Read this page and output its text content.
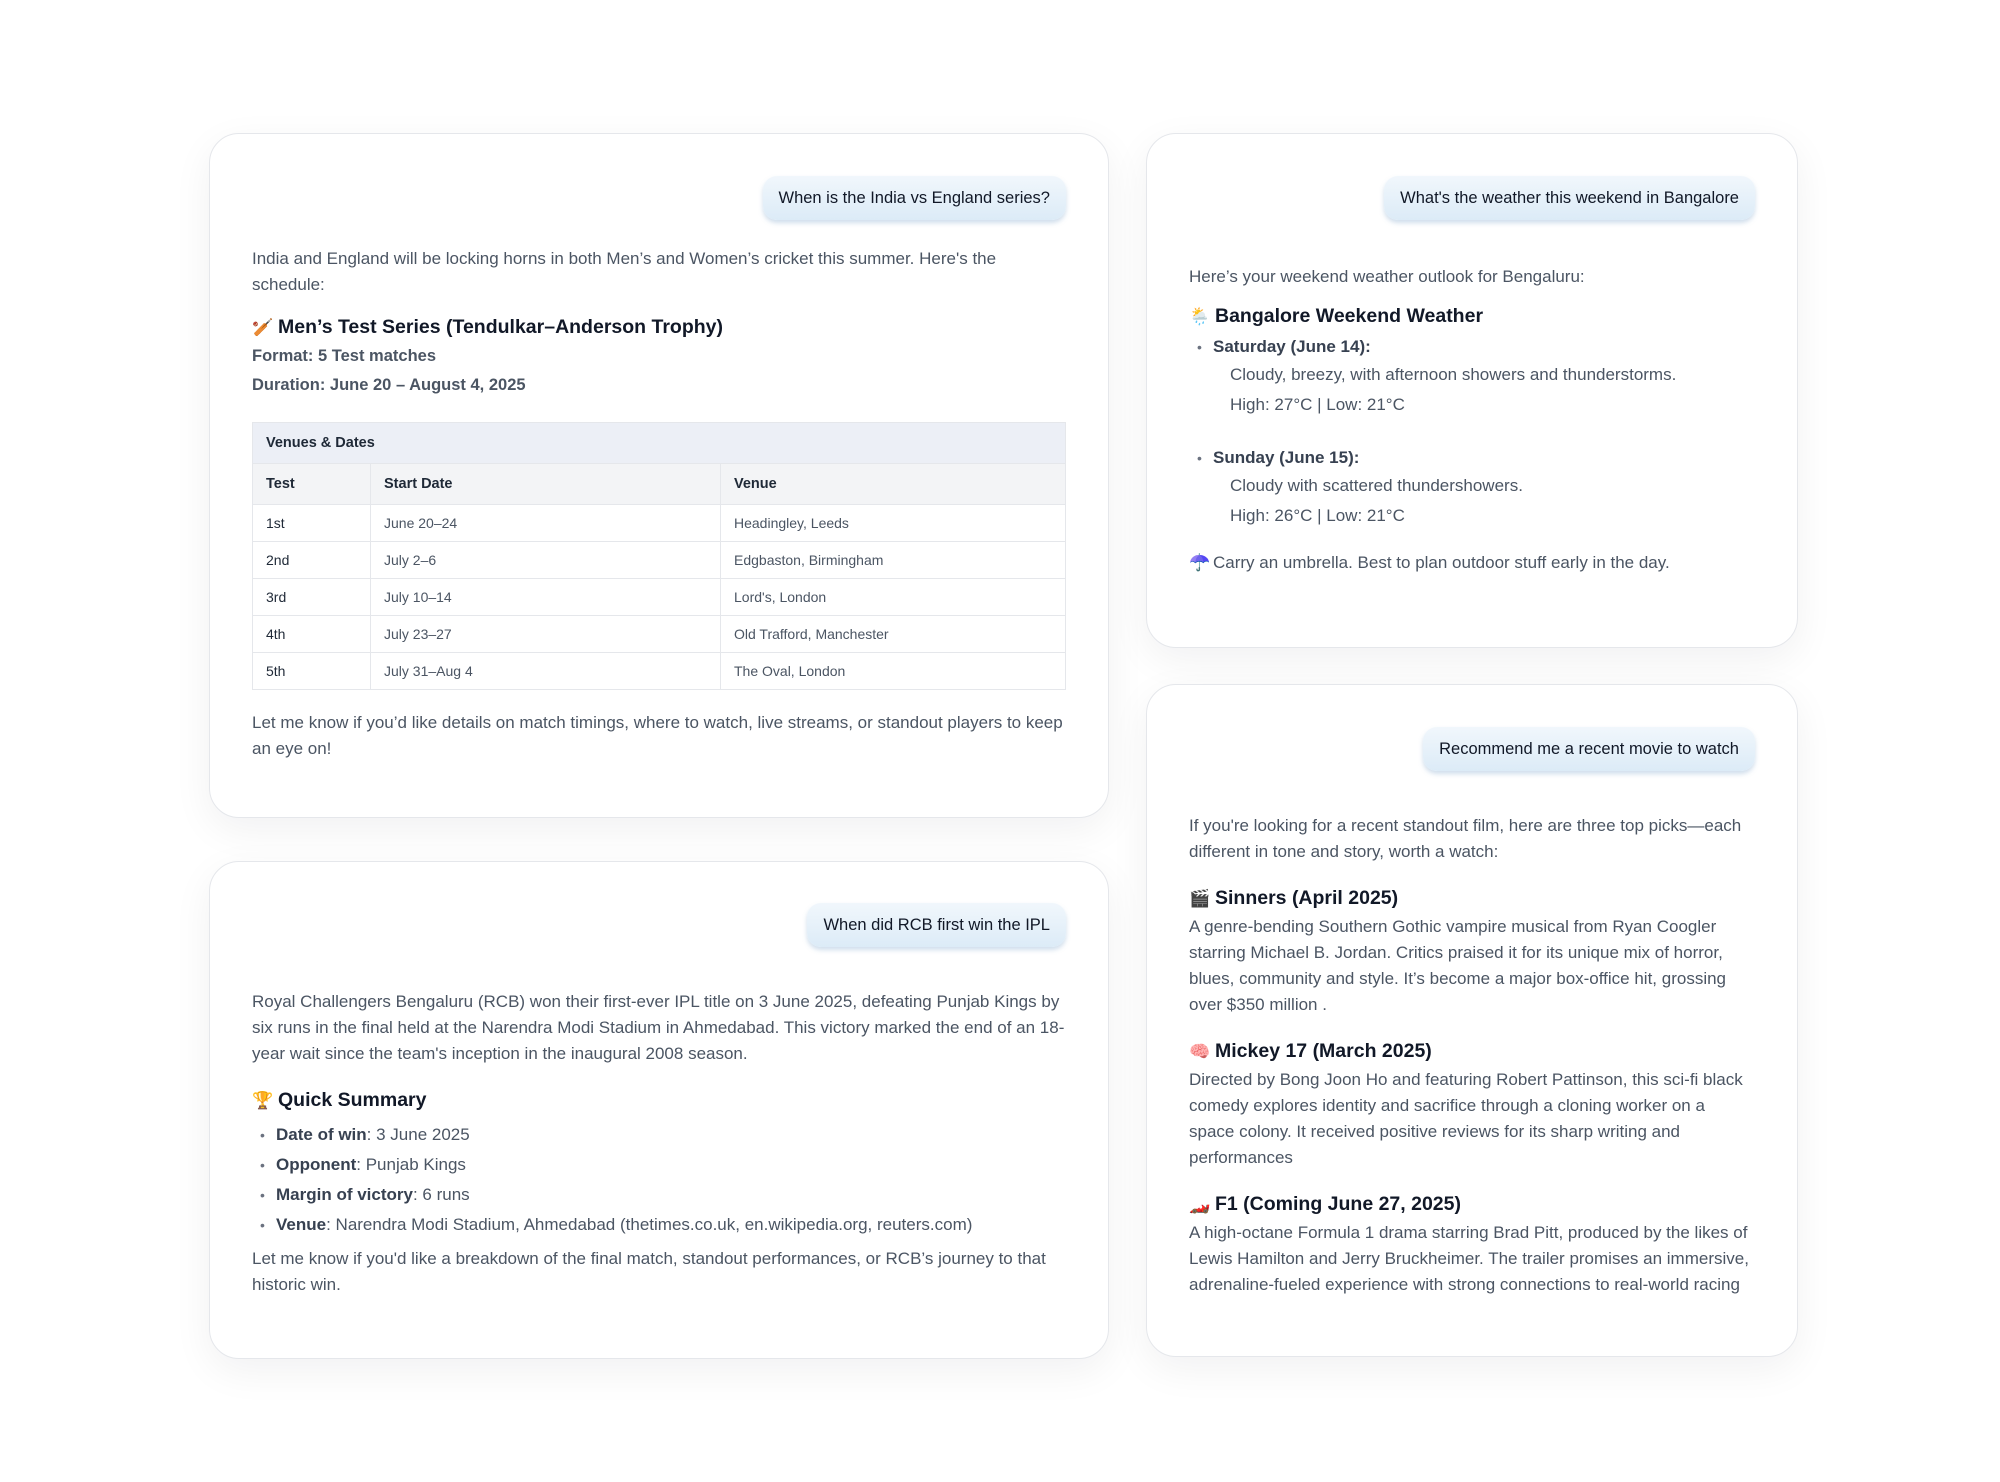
When is the India vs England series?

India and England will be locking horns in both Men’s and Women’s cricket this summer. Here's the schedule:

🏏 Men’s Test Series (Tendulkar–Anderson Trophy)
Format: 5 Test matches
Duration: June 20 – August 4, 2025
Venues & Dates		
Test	Start Date	Venue
1st	June 20–24	Headingley, Leeds
2nd	July 2–6	Edgbaston, Birmingham
3rd	July 10–14	Lord's, London
4th	July 23–27	Old Trafford, Manchester
5th	July 31–Aug 4	The Oval, London

Let me know if you’d like details on match timings, where to watch, live streams, or standout players to keep an eye on!

When did RCB first win the IPL

Royal Challengers Bengaluru (RCB) won their first-ever IPL title on 3 June 2025, defeating Punjab Kings by six runs in the final held at the Narendra Modi Stadium in Ahmedabad. This victory marked the end of an 18-year wait since the team's inception in the inaugural 2008 season.

🏆 Quick Summary
• Date of win: 3 June 2025
• Opponent: Punjab Kings
• Margin of victory: 6 runs
• Venue: Narendra Modi Stadium, Ahmedabad (thetimes.co.uk, en.wikipedia.org, reuters.com)

Let me know if you'd like a breakdown of the final match, standout performances, or RCB’s journey to that historic win.

What's the weather this weekend in Bangalore

Here’s your weekend weather outlook for Bengaluru:

🌦️ Bangalore Weekend Weather
• Saturday (June 14):
Cloudy, breezy, with afternoon showers and thunderstorms.
High: 27°C | Low: 21°C
• Sunday (June 15):
Cloudy with scattered thundershowers.
High: 26°C | Low: 21°C
☂️ Carry an umbrella. Best to plan outdoor stuff early in the day.
Recommend me a recent movie to watch

If you're looking for a recent standout film, here are three top picks—each different in tone and story, worth a watch:

🎬 Sinners (April 2025)

A genre-bending Southern Gothic vampire musical from Ryan Coogler starring Michael B. Jordan. Critics praised it for its unique mix of horror, blues, community and style. It’s become a major box-office hit, grossing over $350 million .

🧠 Mickey 17 (March 2025)

Directed by Bong Joon Ho and featuring Robert Pattinson, this sci-fi black comedy explores identity and sacrifice through a cloning worker on a space colony. It received positive reviews for its sharp writing and performances

🏎️ F1 (Coming June 27, 2025)

A high-octane Formula 1 drama starring Brad Pitt, produced by the likes of Lewis Hamilton and Jerry Bruckheimer. The trailer promises an immersive, adrenaline-fueled experience with strong connections to real-world racing
